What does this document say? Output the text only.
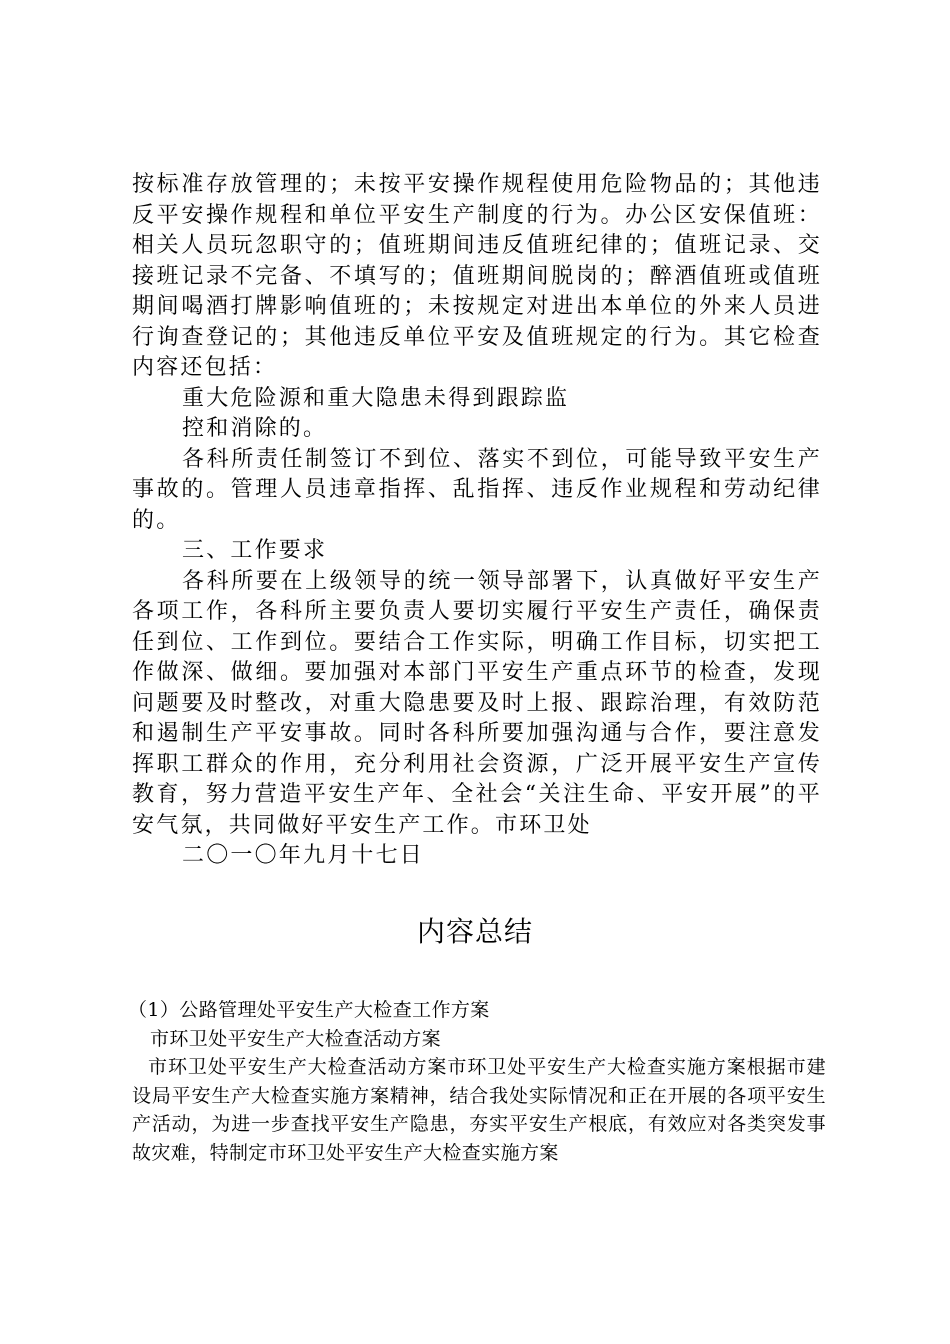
按标准存放管理的；未按平安操作规程使用危险物品的；其他违反平安操作规程和单位平安生产制度的行为。办公区安保值班：相关人员玩忽职守的；值班期间违反值班纪律的；值班记录、交接班记录不完备、不填写的；值班期间脱岗的；醉酒值班或值班期间喝酒打牌影响值班的；未按规定对进出本单位的外来人员进行询查登记的；其他违反单位平安及值班规定的行为。其它检查内容还包括：

重大危险源和重大隐患未得到跟踪监

控和消除的。

各科所责任制签订不到位、落实不到位，可能导致平安生产事故的。管理人员违章指挥、乱指挥、违反作业规程和劳动纪律的。

三、工作要求

各科所要在上级领导的统一领导部署下，认真做好平安生产各项工作，各科所主要负责人要切实履行平安生产责任，确保责任到位、工作到位。要结合工作实际，明确工作目标，切实把工作做深、做细。要加强对本部门平安生产重点环节的检查，发现问题要及时整改，对重大隐患要及时上报、跟踪治理，有效防范和遏制生产平安事故。同时各科所要加强沟通与合作，要注意发挥职工群众的作用，充分利用社会资源，广泛开展平安生产宣传教育，努力营造平安生产年、全社会“关注生命、平安开展”的平安气氛，共同做好平安生产工作。市环卫处

二〇一〇年九月十七日

内容总结

（1）公路管理处平安生产大检查工作方案

市环卫处平安生产大检查活动方案

市环卫处平安生产大检查活动方案市环卫处平安生产大检查实施方案根据市建设局平安生产大检查实施方案精神，结合我处实际情况和正在开展的各项平安生产活动，为进一步查找平安生产隐患，夯实平安生产根底，有效应对各类突发事故灾难，特制定市环卫处平安生产大检查实施方案
